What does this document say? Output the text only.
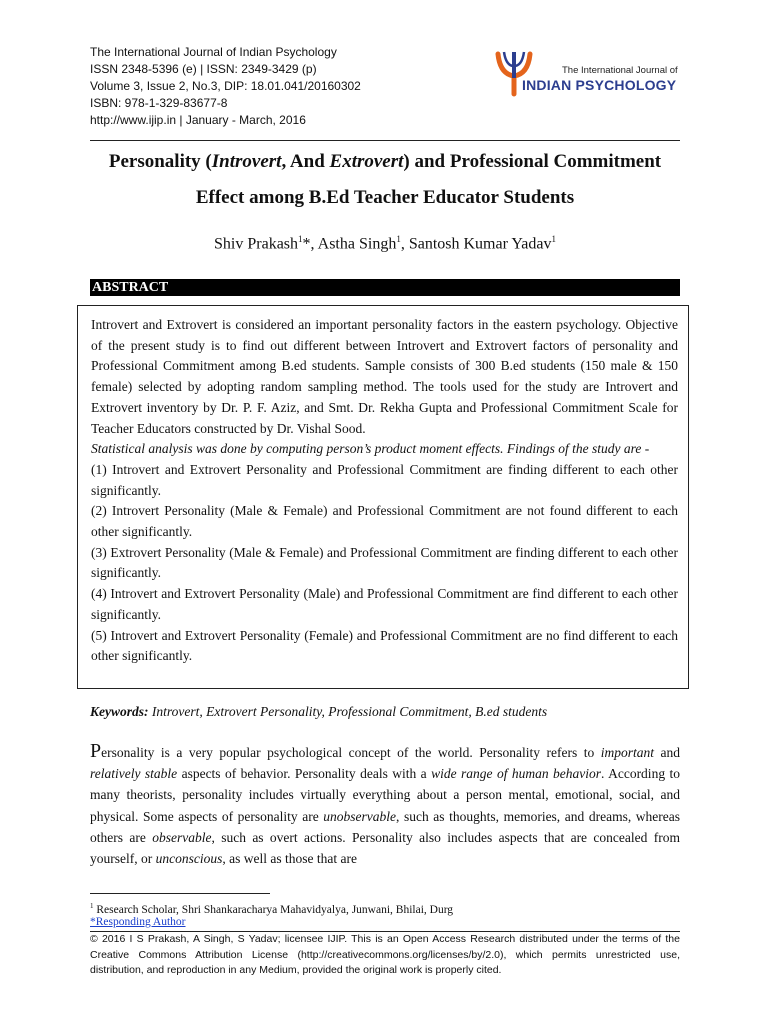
The International Journal of Indian Psychology
ISSN 2348-5396 (e) | ISSN: 2349-3429 (p)
Volume 3, Issue 2, No.3, DIP: 18.01.041/20160302
ISBN: 978-1-329-83677-8
http://www.ijip.in | January - March, 2016
The International Journal of
INDIAN PSYCHOLOGY
Personality (Introvert, And Extrovert) and Professional Commitment
Effect among B.Ed Teacher Educator Students
Shiv Prakash$^1$*, Astha Singh$^1$, Santosh Kumar Yadav$^1$
ABSTRACT

Introvert and Extrovert is considered an important personality factors in the eastern psychology. Objective of the present study is to find out different between Introvert and Extrovert factors of personality and Professional Commitment among B.ed students. Sample consists of 300 B.ed students (150 male & 150 female) selected by adopting random sampling method. The tools used for the study are Introvert and Extrovert inventory by Dr. P. F. Aziz, and Smt. Dr. Rekha Gupta and Professional Commitment Scale for Teacher Educators constructed by Dr. Vishal Sood.

Statistical analysis was done by computing person’s product moment effects. Findings of the study are -

(1) Introvert and Extrovert Personality and Professional Commitment are finding different to each other significantly.

(2) Introvert Personality (Male & Female) and Professional Commitment are not found different to each other significantly.

(3) Extrovert Personality (Male & Female) and Professional Commitment are finding different to each other significantly.

(4) Introvert and Extrovert Personality (Male) and Professional Commitment are find different to each other significantly.

(5) Introvert and Extrovert Personality (Female) and Professional Commitment are no find different to each other significantly.

Keywords: Introvert, Extrovert Personality, Professional Commitment, B.ed students

Personality is a very popular psychological concept of the world. Personality refers to important and relatively stable aspects of behavior. Personality deals with a wide range of human behavior. According to many theorists, personality includes virtually everything about a person mental, emotional, social, and physical. Some aspects of personality are unobservable, such as thoughts, memories, and dreams, whereas others are observable, such as overt actions. Personality also includes aspects that are concealed from yourself, or unconscious, as well as those that are

$^1$ Research Scholar, Shri Shankaracharya Mahavidyalya, Junwani, Bhilai, Durg
*Responding Author

© 2016 I S Prakash, A Singh, S Yadav; licensee IJIP. This is an Open Access Research distributed under the terms of the Creative Commons Attribution License (http://creativecommons.org/licenses/by/2.0), which permits unrestricted use, distribution, and reproduction in any Medium, provided the original work is properly cited.
